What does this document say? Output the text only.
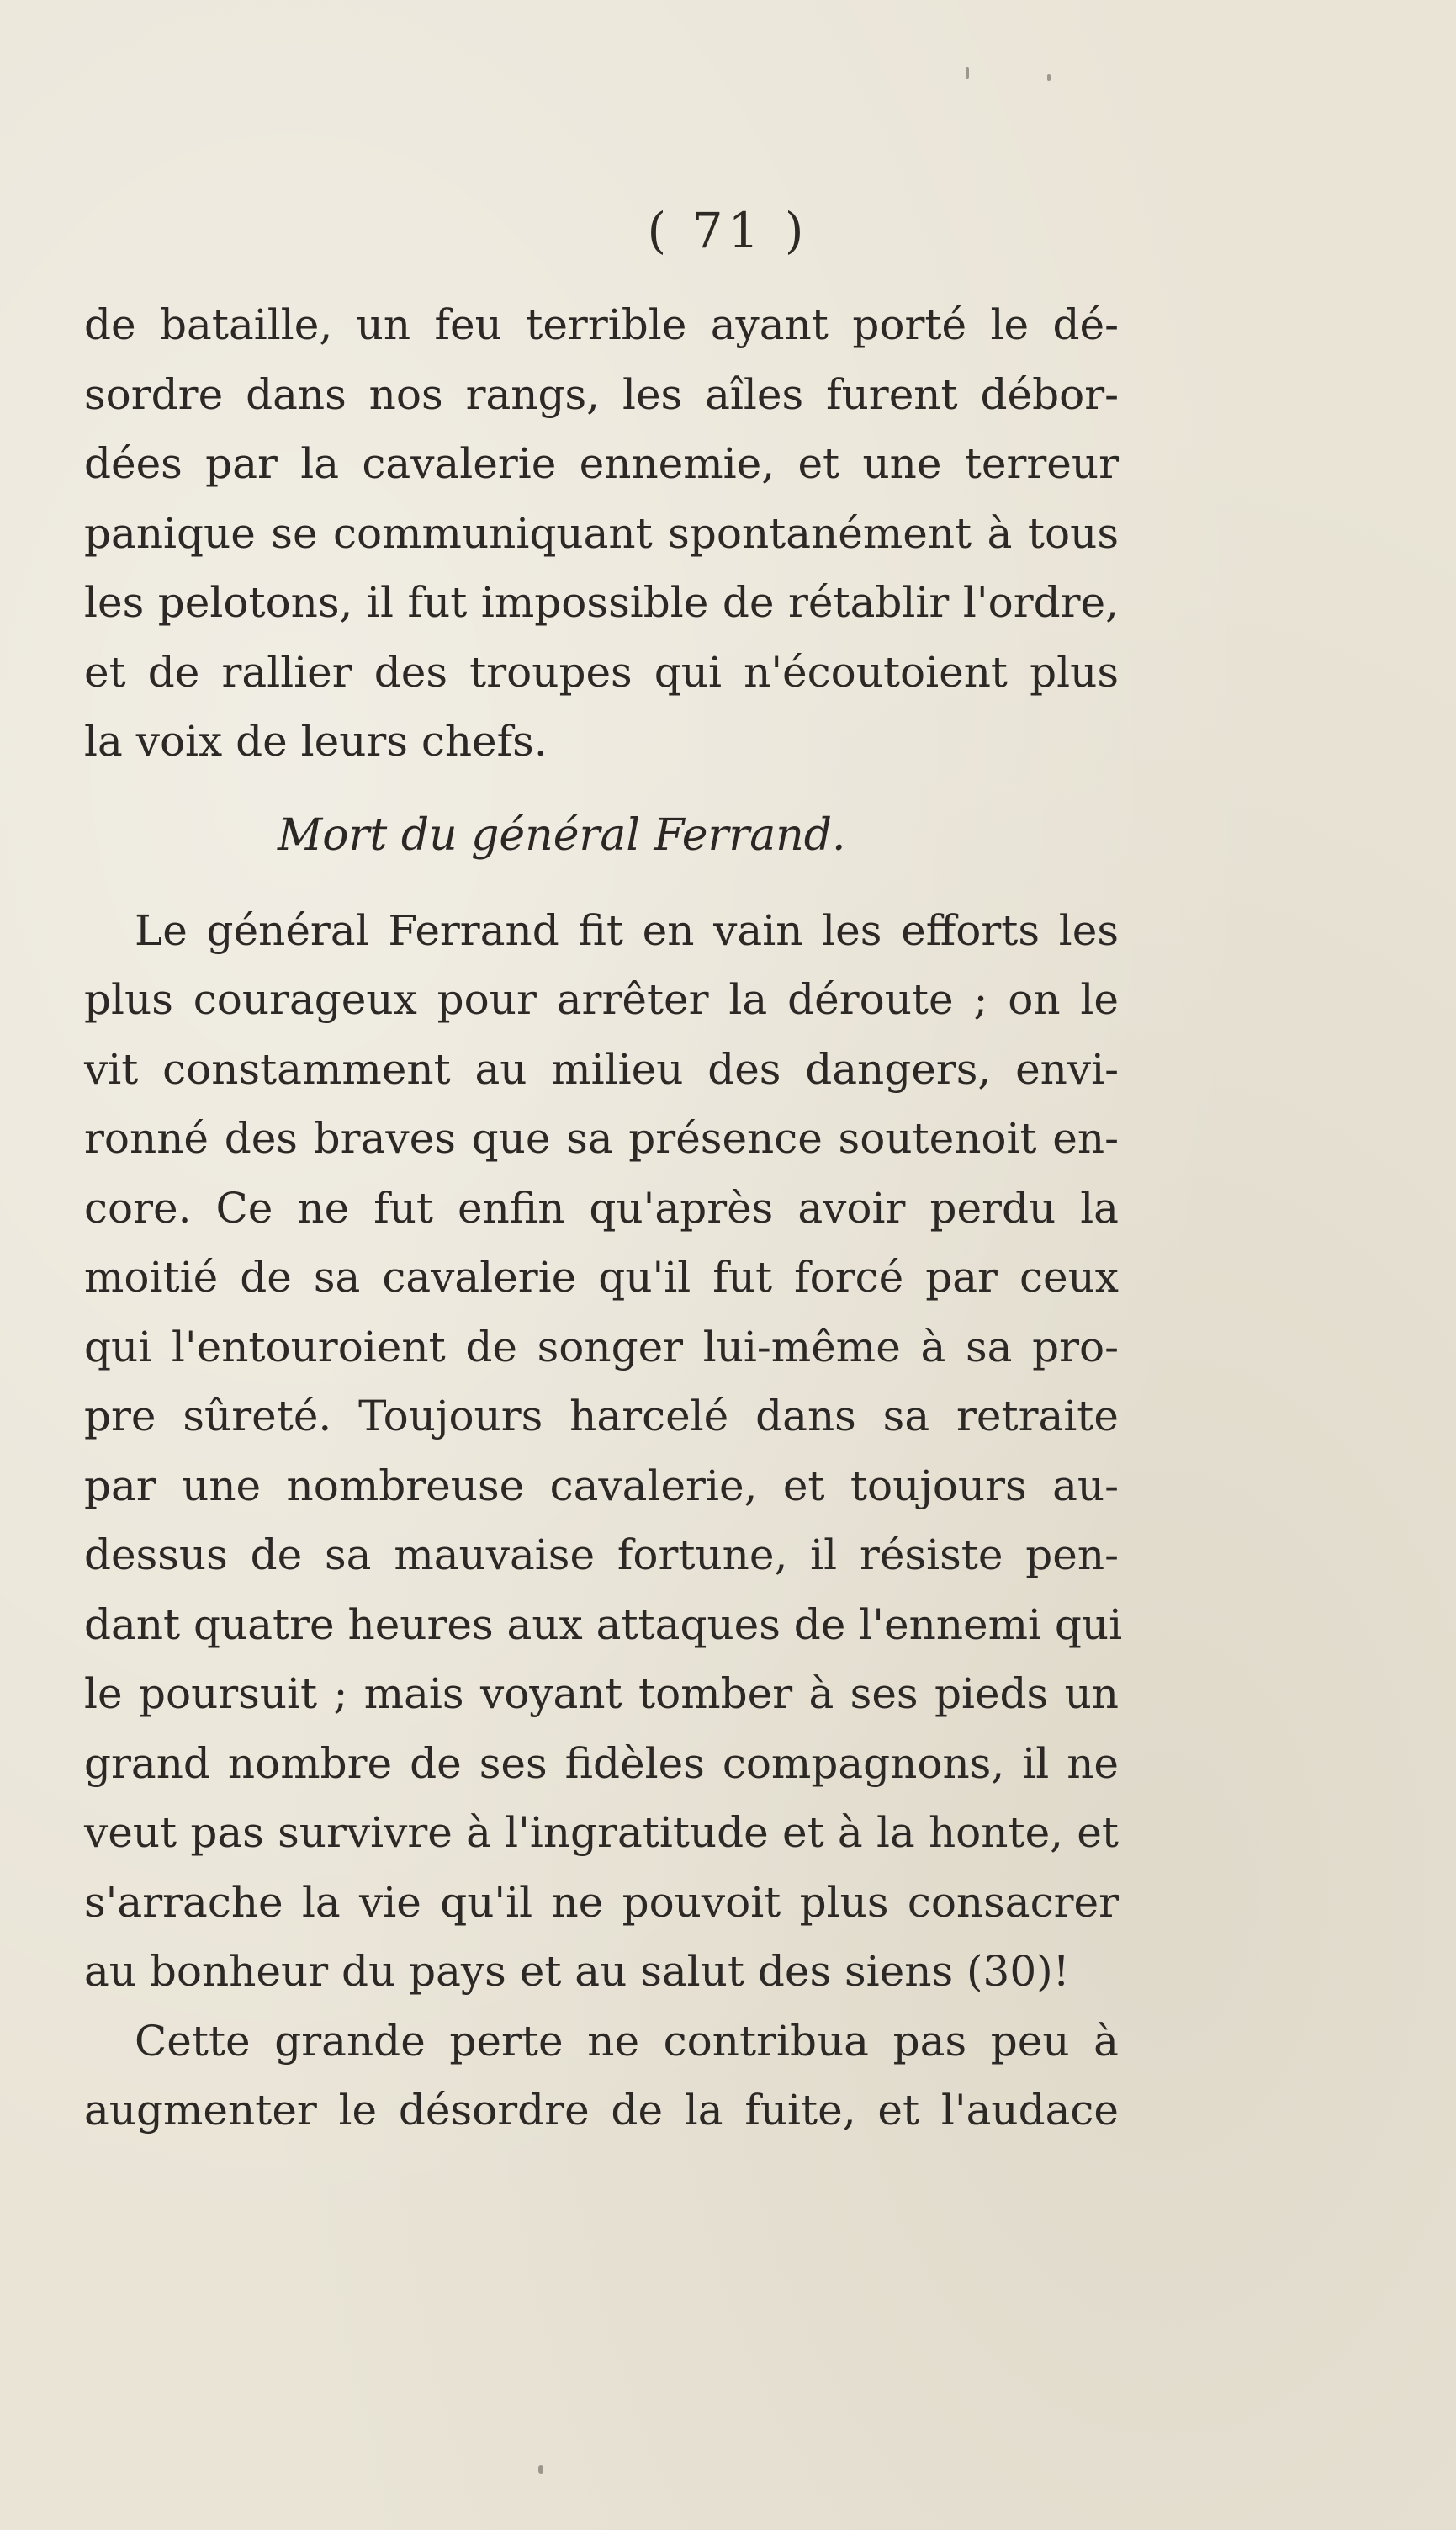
( 71 )
de bataille, un feu terrible ayant porté le dé-
sordre dans nos rangs, les aîles furent débor-
dées par la cavalerie ennemie, et une terreur
panique se communiquant spontanément à tous
les pelotons, il fut impossible de rétablir l'ordre,
et de rallier des troupes qui n'écoutoient plus
la voix de leurs chefs.
Mort du général Ferrand.
Le général Ferrand fit en vain les efforts les
plus courageux pour arrêter la déroute ; on le
vit constamment au milieu des dangers, envi-
ronné des braves que sa présence soutenoit en-
core. Ce ne fut enfin qu'après avoir perdu la
moitié de sa cavalerie qu'il fut forcé par ceux
qui l'entouroient de songer lui-même à sa pro-
pre sûreté. Toujours harcelé dans sa retraite
par une nombreuse cavalerie, et toujours au-
dessus de sa mauvaise fortune, il résiste pen-
dant quatre heures aux attaques de l'ennemi qui
le poursuit ; mais voyant tomber à ses pieds un
grand nombre de ses fidèles compagnons, il ne
veut pas survivre à l'ingratitude et à la honte, et
s'arrache la vie qu'il ne pouvoit plus consacrer
au bonheur du pays et au salut des siens (30)!
Cette grande perte ne contribua pas peu à
augmenter le désordre de la fuite, et l'audace
